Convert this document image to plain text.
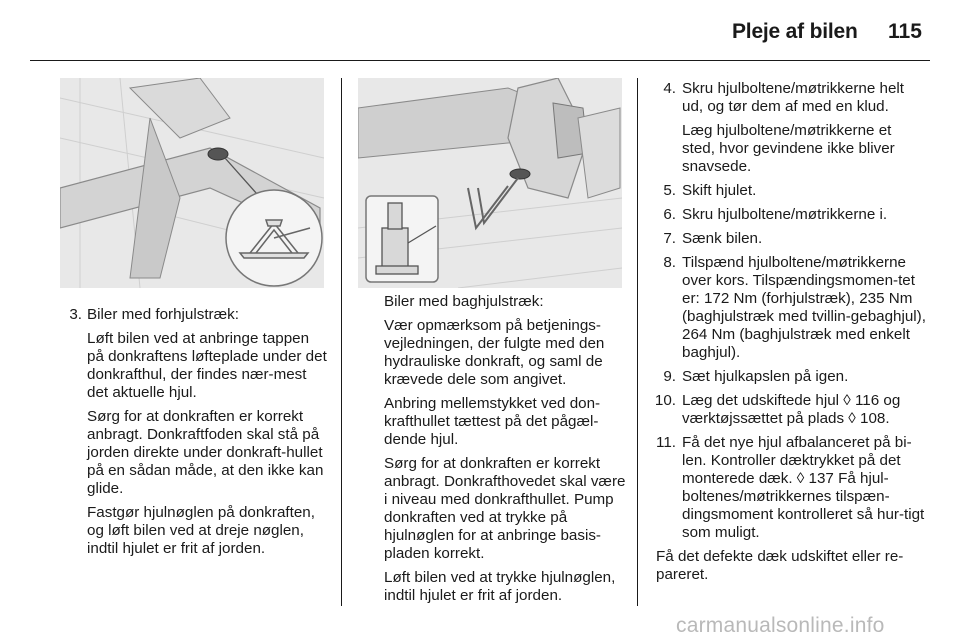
Pleje af bilen 115
3. Biler med forhjulstræk:

Løft bilen ved at anbringe tappen på donkraftens løfteplade under det donkrafthul, der findes nær-mest det aktuelle hjul.

Sørg for at donkraften er korrekt anbragt. Donkraftfoden skal stå på jorden direkte under donkraft-hullet på en sådan måde, at den ikke kan glide.

Fastgør hjulnøglen på donkraften, og løft bilen ved at dreje nøglen, indtil hjulet er frit af jorden.

Biler med baghjulstræk:

Vær opmærksom på betjenings-vejledningen, der fulgte med den hydrauliske donkraft, og saml de krævede dele som angivet.

Anbring mellemstykket ved don-krafthullet tættest på det pågæl-dende hjul.

Sørg for at donkraften er korrekt anbragt. Donkrafthovedet skal være i niveau med donkrafthullet. Pump donkraften ved at trykke på hjulnøglen for at anbringe basis-pladen korrekt.

Løft bilen ved at trykke hjulnøglen, indtil hjulet er frit af jorden.

4. Skru hjulboltene/møtrikkerne helt ud, og tør dem af med en klud.
Læg hjulboltene/møtrikkerne et sted, hvor gevindene ikke bliver snavsede.
5. Skift hjulet.
6. Skru hjulboltene/møtrikkerne i.
7. Sænk bilen.
8. Tilspænd hjulboltene/møtrikkerne over kors. Tilspændingsmomen-tet er: 172 Nm (forhjulstræk), 235 Nm (baghjulstræk med tvillin-gebaghjul), 264 Nm (baghjulstræk med enkelt baghjul).
9. Sæt hjulkapslen på igen.
10. Læg det udskiftede hjul ◊ 116 og værktøjssættet på plads ◊ 108.
11. Få det nye hjul afbalanceret på bi-len. Kontroller dæktrykket på det monterede dæk. ◊ 137 Få hjul-boltenes/møtrikkernes tilspæn-dingsmoment kontrolleret så hur-tigt som muligt.

Få det defekte dæk udskiftet eller re-pareret.

carmanualsonline.info
